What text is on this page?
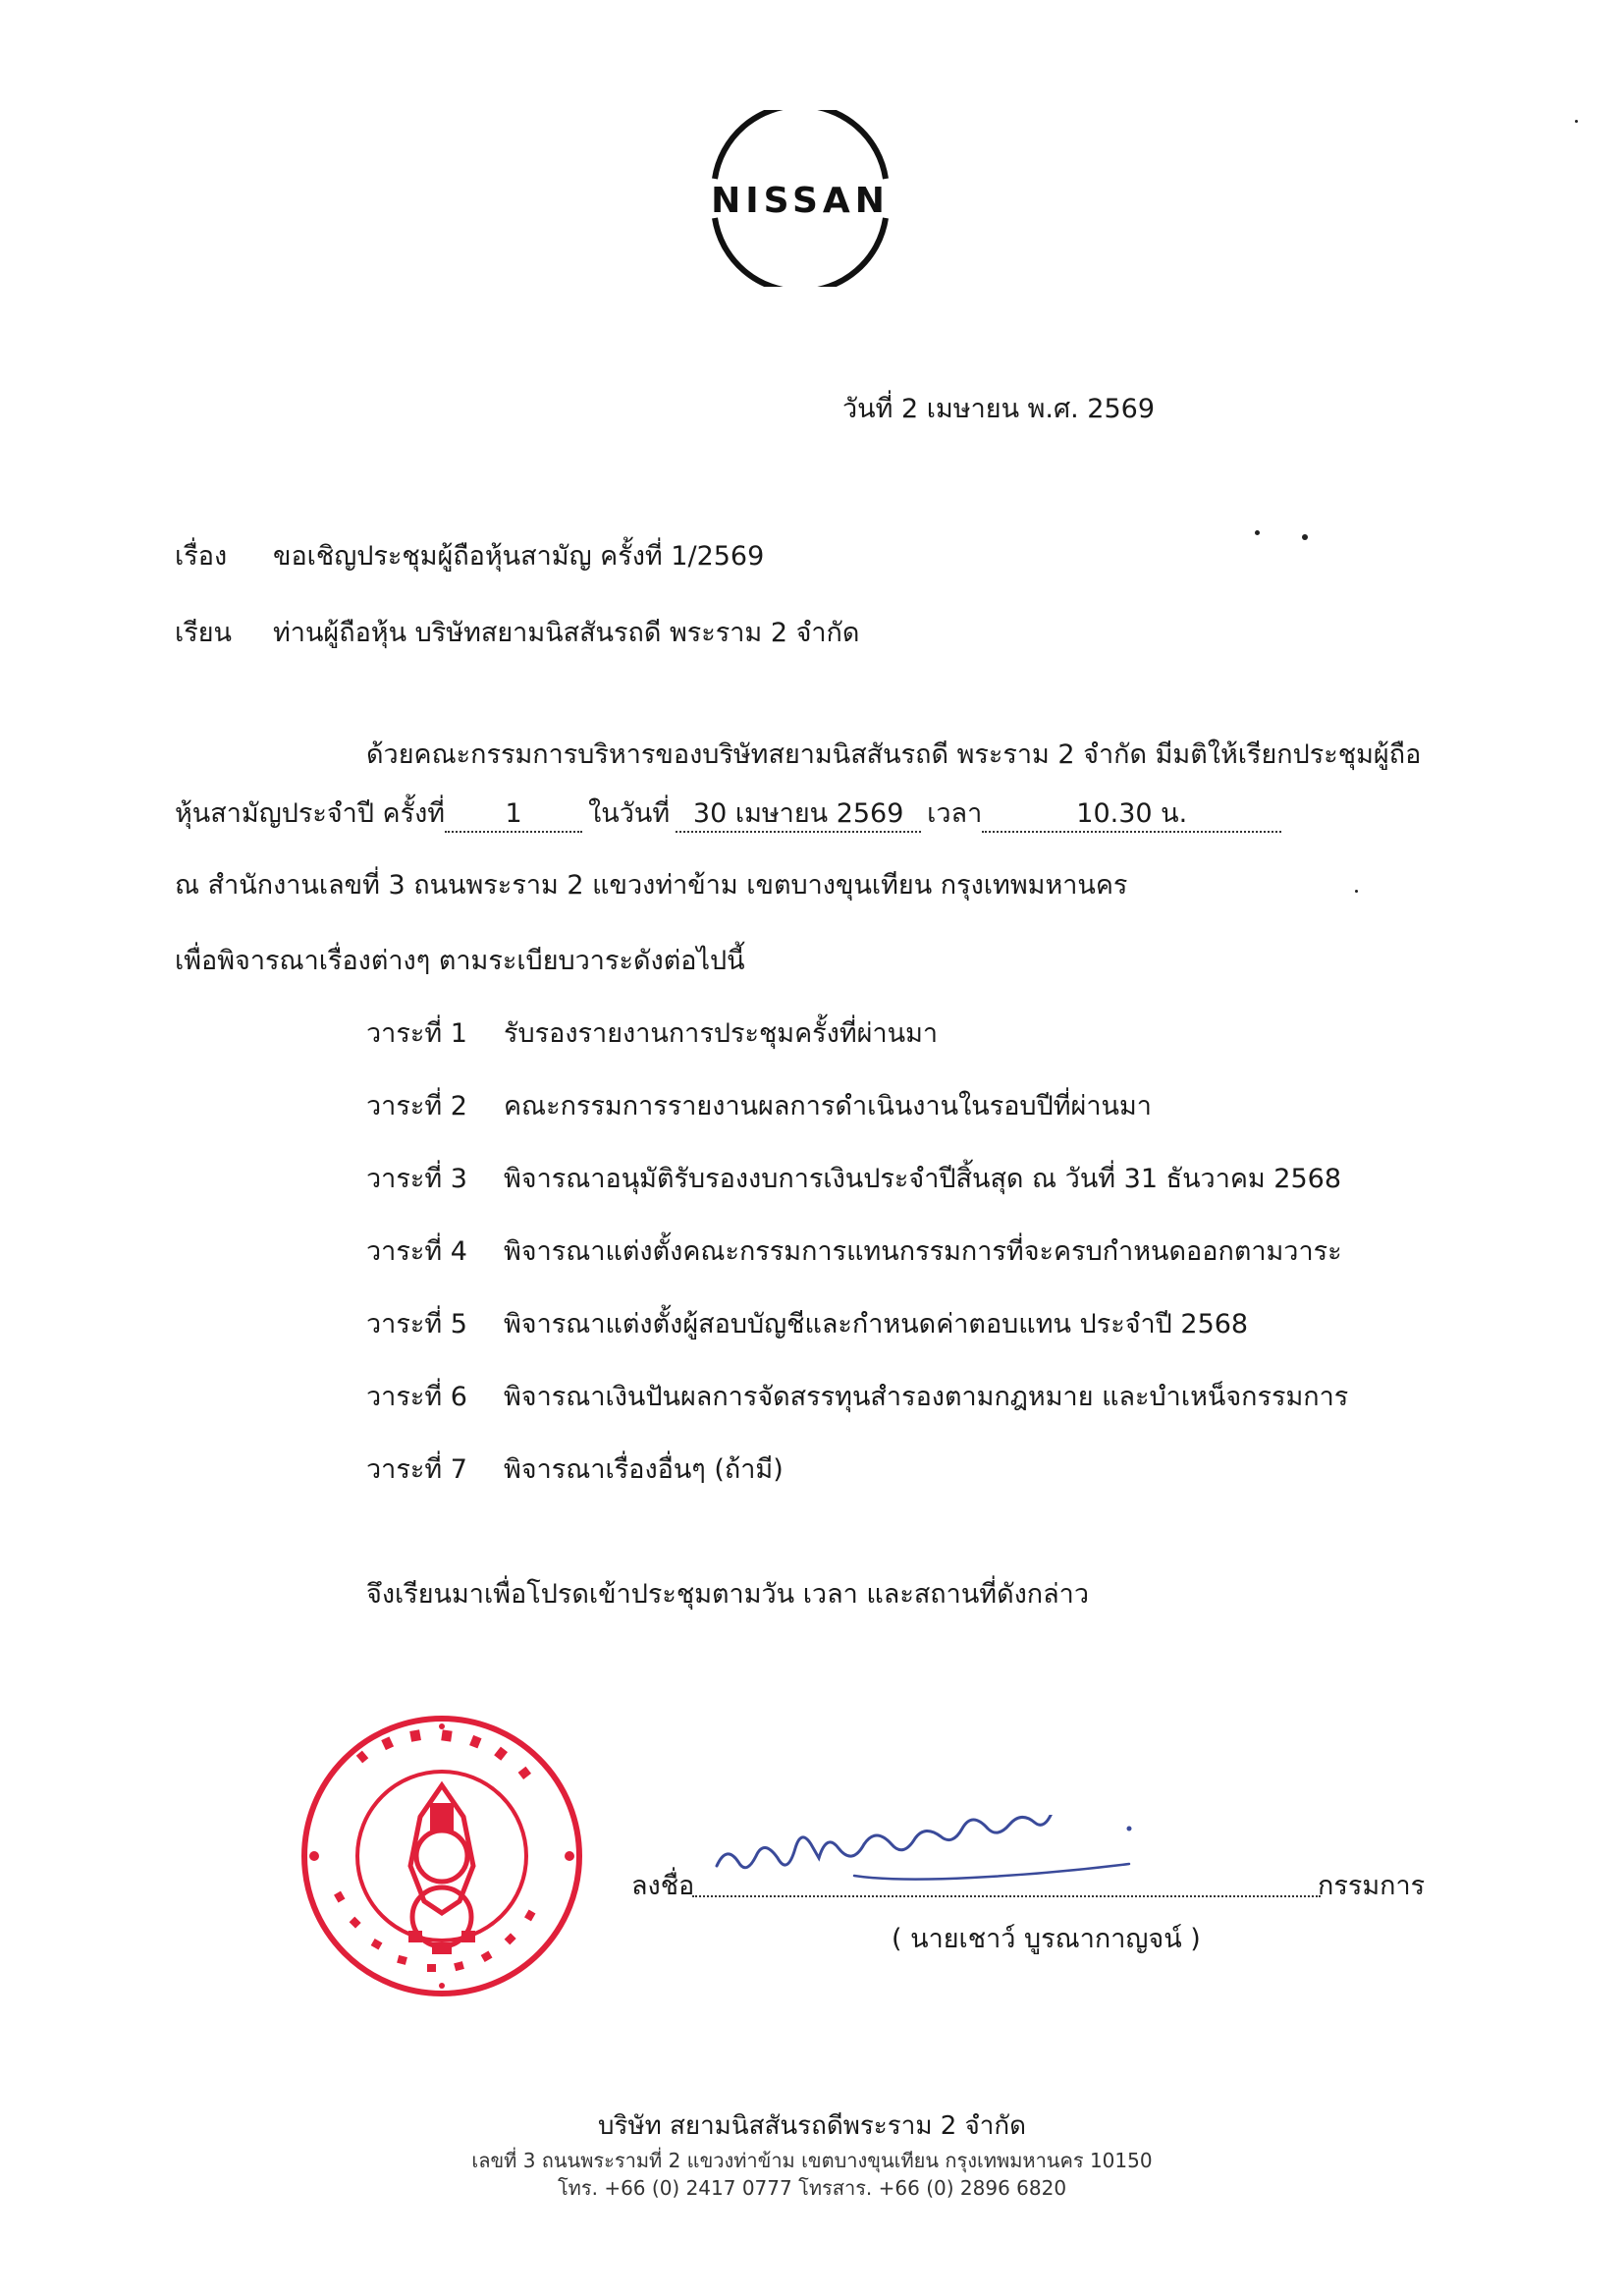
NISSAN
วันที่ 2 เมษายน พ.ศ. 2569
เรื่อง ขอเชิญประชุมผู้ถือหุ้นสามัญ ครั้งที่ 1/2569
เรียน ท่านผู้ถือหุ้น บริษัทสยามนิสสันรถดี พระราม 2 จำกัด
ด้วยคณะกรรมการบริหารของบริษัทสยามนิสสันรถดี พระราม 2 จำกัด มีมติให้เรียกประชุมผู้ถือ
หุ้นสามัญประจำปี ครั้งที่	1	ในวันที่ 30 เมษายน 2569 เวลา	10.30 น.
ณ สำนักงานเลขที่ 3 ถนนพระราม 2 แขวงท่าข้าม เขตบางขุนเทียน กรุงเทพมหานคร
เพื่อพิจารณาเรื่องต่างๆ ตามระเบียบวาระดังต่อไปนี้
วาระที่ 1 รับรองรายงานการประชุมครั้งที่ผ่านมา
วาระที่ 2 คณะกรรมการรายงานผลการดำเนินงานในรอบปีที่ผ่านมา
วาระที่ 3 พิจารณาอนุมัติรับรองงบการเงินประจำปีสิ้นสุด ณ วันที่ 31 ธันวาคม 2568
วาระที่ 4 พิจารณาแต่งตั้งคณะกรรมการแทนกรรมการที่จะครบกำหนดออกตามวาระ
วาระที่ 5 พิจารณาแต่งตั้งผู้สอบบัญชีและกำหนดค่าตอบแทน ประจำปี 2568
วาระที่ 6 พิจารณาเงินปันผลการจัดสรรทุนสำรองตามกฎหมาย และบำเหน็จกรรมการ
วาระที่ 7 พิจารณาเรื่องอื่นๆ (ถ้ามี)
จึงเรียนมาเพื่อโปรดเข้าประชุมตามวัน เวลา และสถานที่ดังกล่าว
ลงชื่อ	กรรมการ
( นายเชาว์ บูรณากาญจน์ )
บริษัท สยามนิสสันรถดีพระราม 2 จำกัด
เลขที่ 3 ถนนพระรามที่ 2 แขวงท่าข้าม เขตบางขุนเทียน กรุงเทพมหานคร 10150
โทร. +66 (0) 2417 0777 โทรสาร. +66 (0) 2896 6820
